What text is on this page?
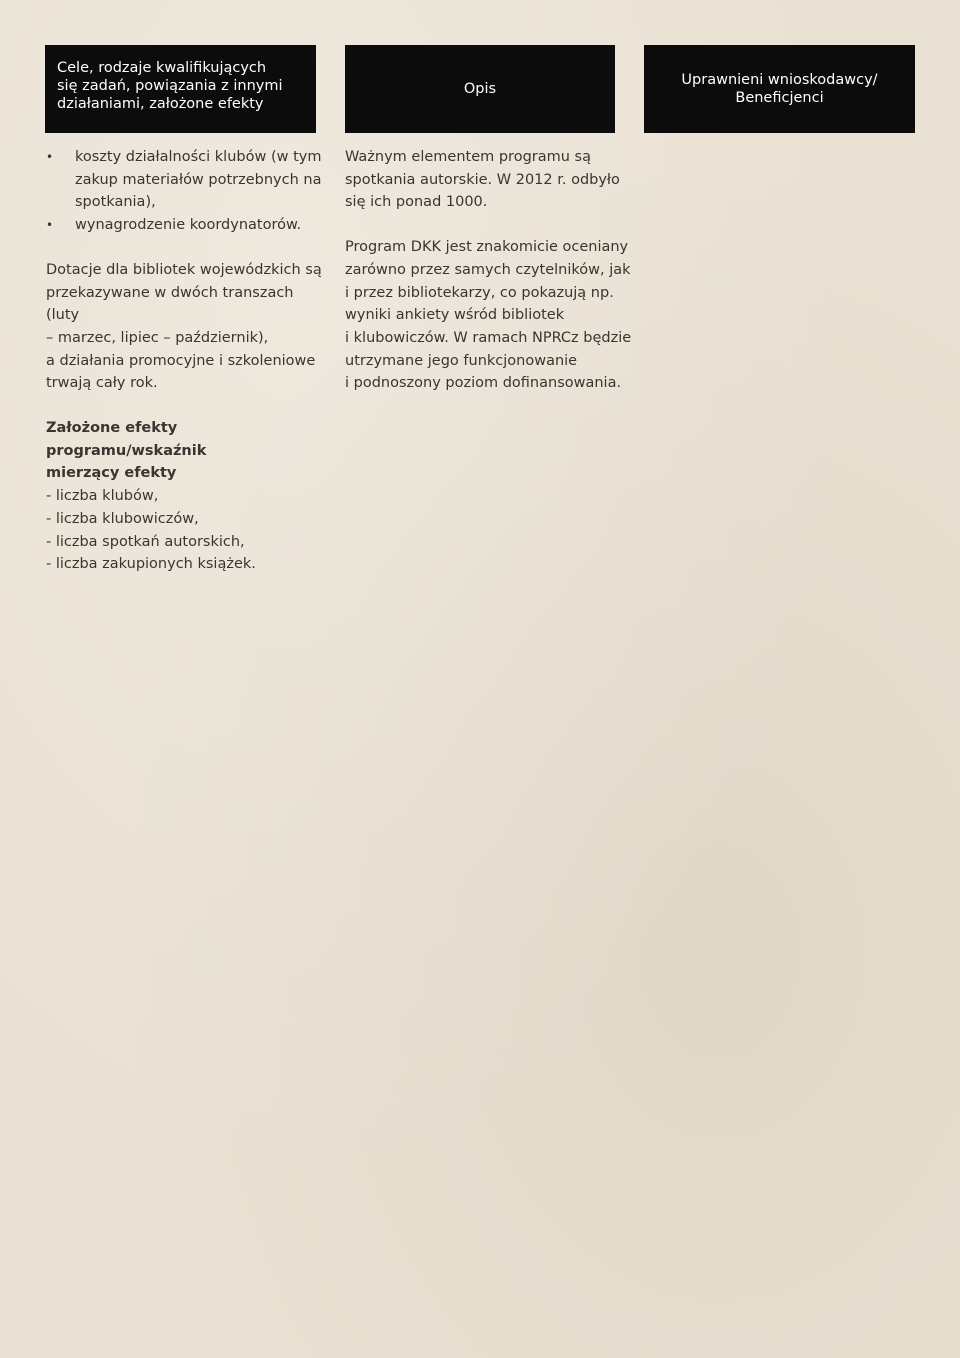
Cele, rodzaje kwalifikujących
się zadań, powiązania z innymi
działaniami, założone efekty
Opis
Uprawnieni wnioskodawcy/
Beneficjenci
• koszty działalności klubów (w tym
zakup materiałów potrzebnych na
spotkania),
• wynagrodzenie koordynatorów.

Dotacje dla bibliotek wojewódzkich są
przekazywane w dwóch transzach (luty
– marzec, lipiec – październik),
a działania promocyjne i szkoleniowe
trwają cały rok.

Założone efekty programu/wskaźnik
mierzący efekty

- liczba klubów,
- liczba klubowiczów,
- liczba spotkań autorskich,
- liczba zakupionych książek.

Ważnym elementem programu są
spotkania autorskie. W 2012 r. odbyło
się ich ponad 1000.

Program DKK jest znakomicie oceniany
zarówno przez samych czytelników, jak
i przez bibliotekarzy, co pokazują np.
wyniki ankiety wśród bibliotek
i klubowiczów. W ramach NPRCz będzie
utrzymane jego funkcjonowanie
i podnoszony poziom dofinansowania.
